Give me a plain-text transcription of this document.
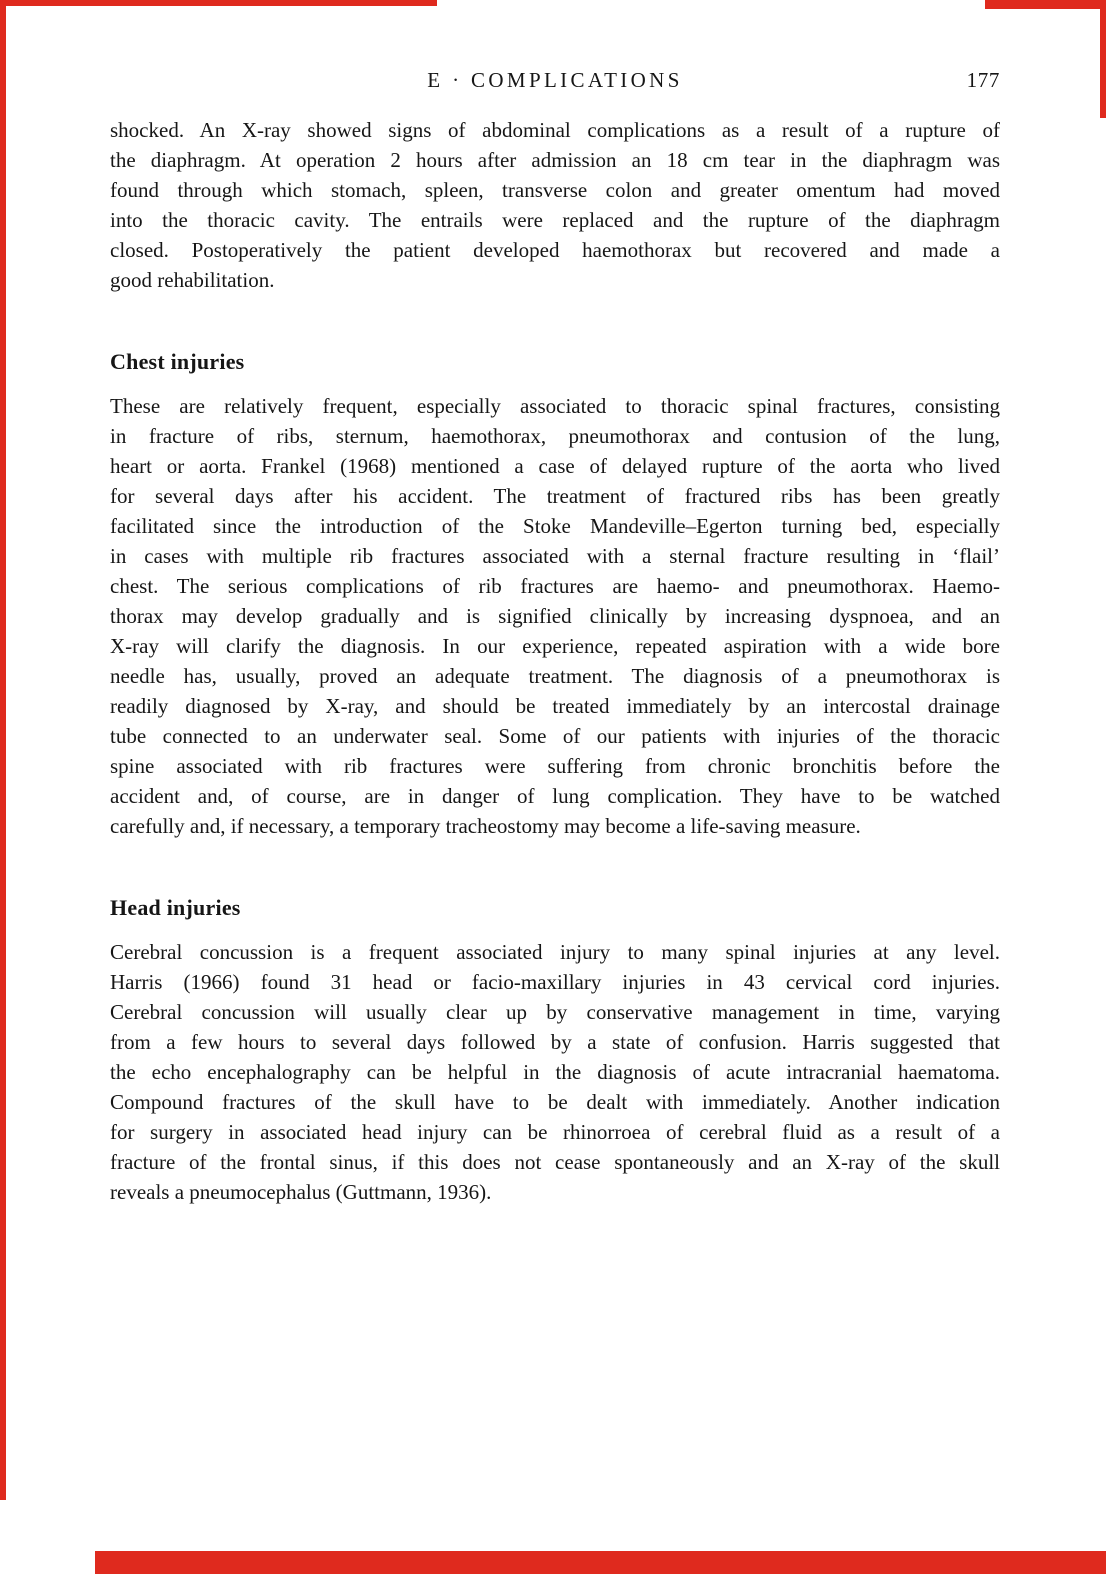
E · COMPLICATIONS	177
shocked. An X-ray showed signs of abdominal complications as a result of a rupture of
the diaphragm. At operation 2 hours after admission an 18 cm tear in the diaphragm was
found through which stomach, spleen, transverse colon and greater omentum had moved
into the thoracic cavity. The entrails were replaced and the rupture of the diaphragm
closed. Postoperatively the patient developed haemothorax but recovered and made a
good rehabilitation.
Chest injuries
These are relatively frequent, especially associated to thoracic spinal fractures, consisting
in fracture of ribs, sternum, haemothorax, pneumothorax and contusion of the lung,
heart or aorta. Frankel (1968) mentioned a case of delayed rupture of the aorta who lived
for several days after his accident. The treatment of fractured ribs has been greatly
facilitated since the introduction of the Stoke Mandeville–Egerton turning bed, especially
in cases with multiple rib fractures associated with a sternal fracture resulting in ‘flail’
chest. The serious complications of rib fractures are haemo- and pneumothorax. Haemo-
thorax may develop gradually and is signified clinically by increasing dyspnoea, and an
X-ray will clarify the diagnosis. In our experience, repeated aspiration with a wide bore
needle has, usually, proved an adequate treatment. The diagnosis of a pneumothorax is
readily diagnosed by X-ray, and should be treated immediately by an intercostal drainage
tube connected to an underwater seal. Some of our patients with injuries of the thoracic
spine associated with rib fractures were suffering from chronic bronchitis before the
accident and, of course, are in danger of lung complication. They have to be watched
carefully and, if necessary, a temporary tracheostomy may become a life-saving measure.
Head injuries
Cerebral concussion is a frequent associated injury to many spinal injuries at any level.
Harris (1966) found 31 head or facio-maxillary injuries in 43 cervical cord injuries.
Cerebral concussion will usually clear up by conservative management in time, varying
from a few hours to several days followed by a state of confusion. Harris suggested that
the echo encephalography can be helpful in the diagnosis of acute intracranial haematoma.
Compound fractures of the skull have to be dealt with immediately. Another indication
for surgery in associated head injury can be rhinorroea of cerebral fluid as a result of a
fracture of the frontal sinus, if this does not cease spontaneously and an X-ray of the skull
reveals a pneumocephalus (Guttmann, 1936).
